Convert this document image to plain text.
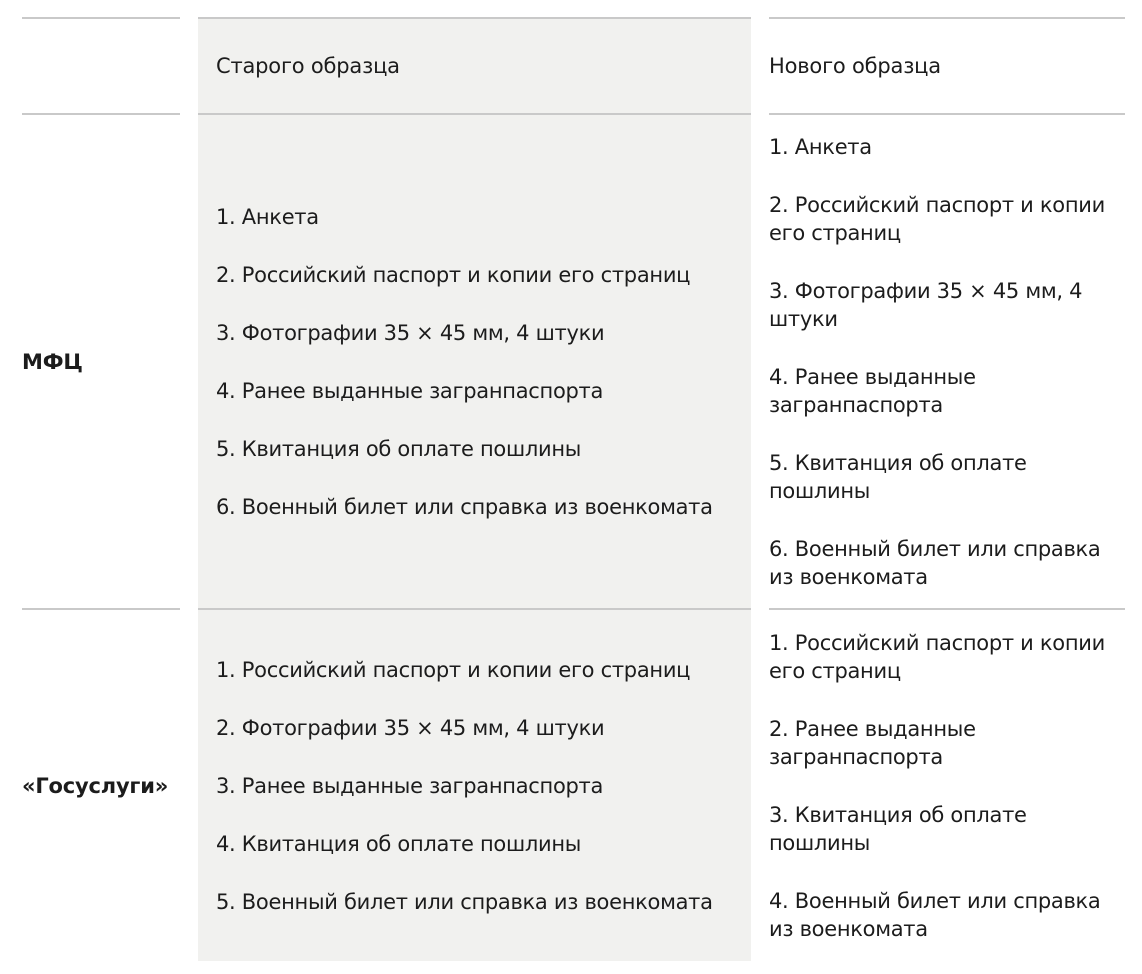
Старого образца	Нового образца
МФЦ
1. Анкета
2. Российский паспорт и копии его страниц
3. Фотографии 35 × 45 мм, 4 штуки
4. Ранее выданные загранпаспорта
5. Квитанция об оплате пошлины
6. Военный билет или справка из военкомата
1. Анкета
2. Российский паспорт и копии его страниц
3. Фотографии 35 × 45 мм, 4 штуки
4. Ранее выданные загранпаспорта
5. Квитанция об оплате пошлины
6. Военный билет или справка из военкомата
«Госуслуги»
1. Российский паспорт и копии его страниц
2. Фотографии 35 × 45 мм, 4 штуки
3. Ранее выданные загранпаспорта
4. Квитанция об оплате пошлины
5. Военный билет или справка из военкомата
1. Российский паспорт и копии его страниц
2. Ранее выданные загранпаспорта
3. Квитанция об оплате пошлины
4. Военный билет или справка из военкомата
